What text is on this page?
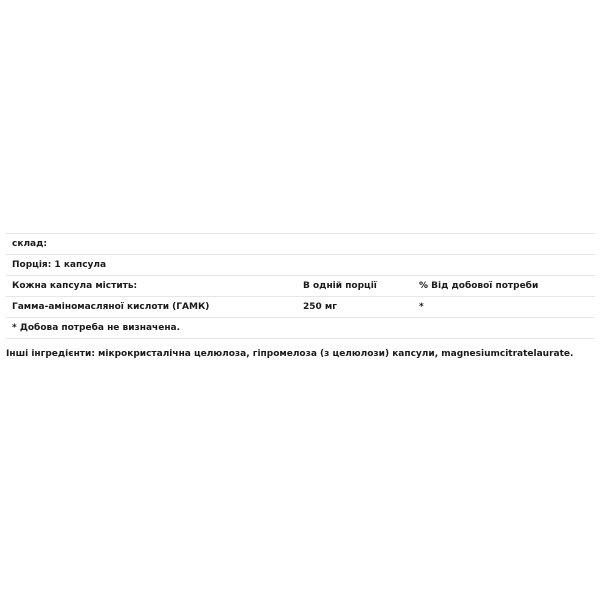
склад:
Порція: 1 капсула
Кожна капсула містить:	В одній порції	% Від добової потреби
Гамма-аміномасляної кислоти (ГАМК)	250 мг	*
* Добова потреба не визначена.
Інші інгредієнти: мікрокристалічна целюлоза, гіпромелоза (з целюлози) капсули, magnesiumcitratelaurate.
